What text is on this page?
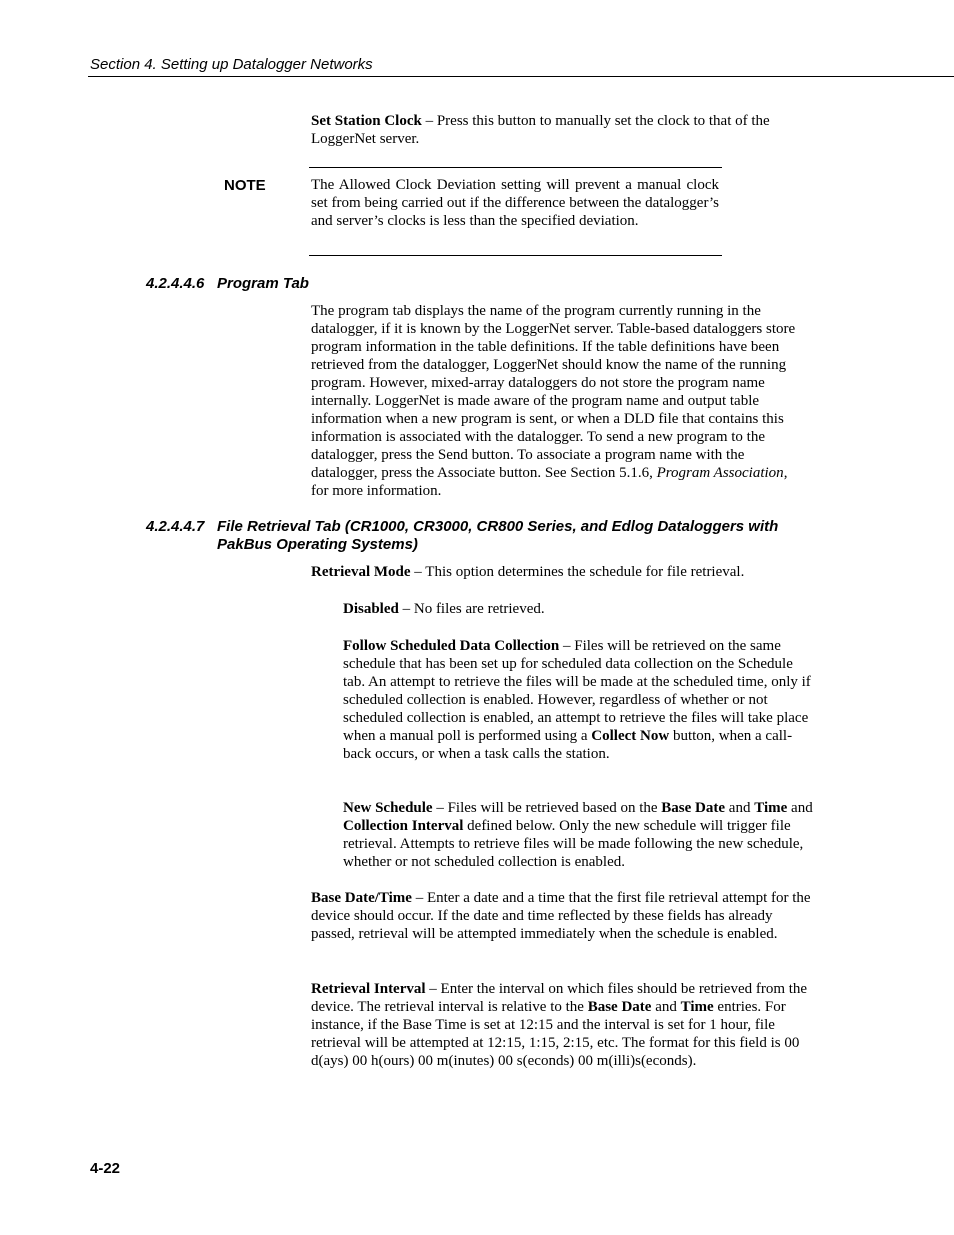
Section 4. Setting up Datalogger Networks

Set Station Clock – Press this button to manually set the clock to that of the LoggerNet server.

NOTE	The Allowed Clock Deviation setting will prevent a manual clock set from being carried out if the difference between the datalogger’s and server’s clocks is less than the specified deviation.

4.2.4.4.6 Program Tab

The program tab displays the name of the program currently running in the datalogger, if it is known by the LoggerNet server. Table-based dataloggers store program information in the table definitions. If the table definitions have been retrieved from the datalogger, LoggerNet should know the name of the running program. However, mixed-array dataloggers do not store the program name internally. LoggerNet is made aware of the program name and output table information when a new program is sent, or when a DLD file that contains this information is associated with the datalogger. To send a new program to the datalogger, press the Send button. To associate a program name with the datalogger, press the Associate button. See Section 5.1.6, Program Association, for more information.

4.2.4.4.7 File Retrieval Tab (CR1000, CR3000, CR800 Series, and Edlog Dataloggers with PakBus Operating Systems)

Retrieval Mode – This option determines the schedule for file retrieval.

Disabled – No files are retrieved.

Follow Scheduled Data Collection – Files will be retrieved on the same schedule that has been set up for scheduled data collection on the Schedule tab. An attempt to retrieve the files will be made at the scheduled time, only if scheduled collection is enabled. However, regardless of whether or not scheduled collection is enabled, an attempt to retrieve the files will take place when a manual poll is performed using a Collect Now button, when a call-back occurs, or when a task calls the station.

New Schedule – Files will be retrieved based on the Base Date and Time and Collection Interval defined below. Only the new schedule will trigger file retrieval. Attempts to retrieve files will be made following the new schedule, whether or not scheduled collection is enabled.

Base Date/Time – Enter a date and a time that the first file retrieval attempt for the device should occur. If the date and time reflected by these fields has already passed, retrieval will be attempted immediately when the schedule is enabled.

Retrieval Interval – Enter the interval on which files should be retrieved from the device. The retrieval interval is relative to the Base Date and Time entries. For instance, if the Base Time is set at 12:15 and the interval is set for 1 hour, file retrieval will be attempted at 12:15, 1:15, 2:15, etc. The format for this field is 00 d(ays) 00 h(ours) 00 m(inutes) 00 s(econds) 00 m(illi)s(econds).

4-22
